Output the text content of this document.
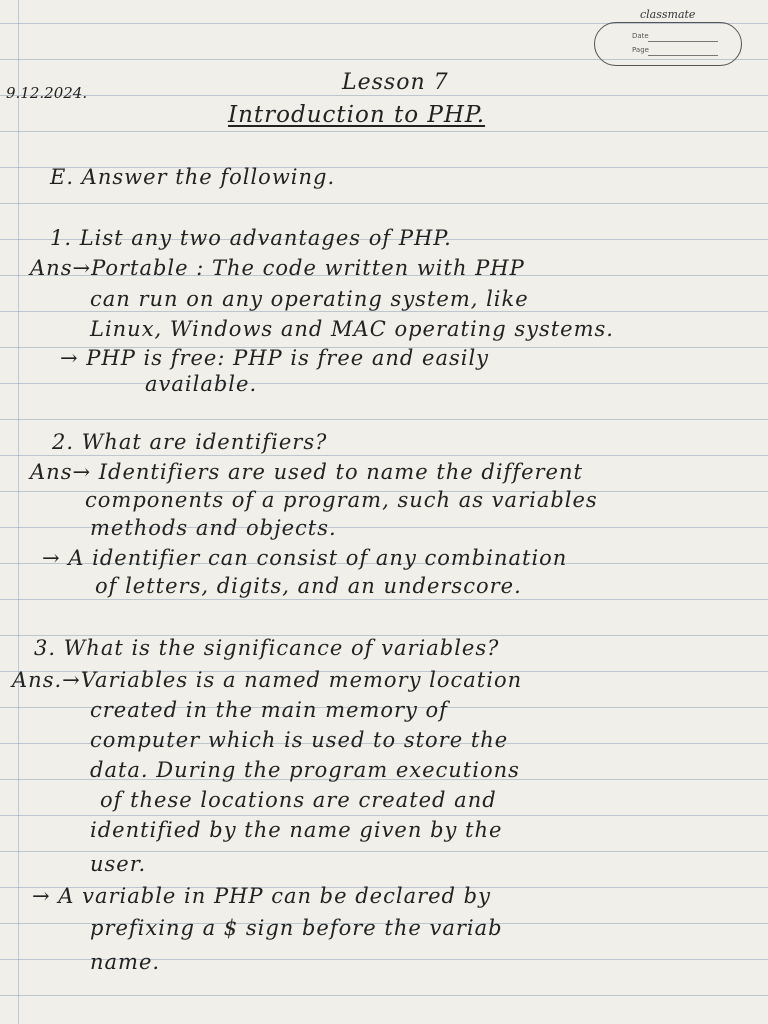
classmate
Date
Page
9.12.2024.	Lesson 7
Introduction to PHP.
E. Answer the following.
1. List any two advantages of PHP.
Ans→Portable : The code written with PHP
can run on any operating system, like
Linux, Windows and MAC operating systems.
→ PHP is free: PHP is free and easily
available.
2. What are identifiers?
Ans→ Identifiers are used to name the different
components of a program, such as variables
methods and objects.
→ A identifier can consist of any combination
of letters, digits, and an underscore.
3. What is the significance of variables?
Ans.→Variables is a named memory location
created in the main memory of
computer which is used to store the
data. During the program executions
of these locations are created and
identified by the name given by the
user.
→ A variable in PHP can be declared by
prefixing a $ sign before the variab
name.
